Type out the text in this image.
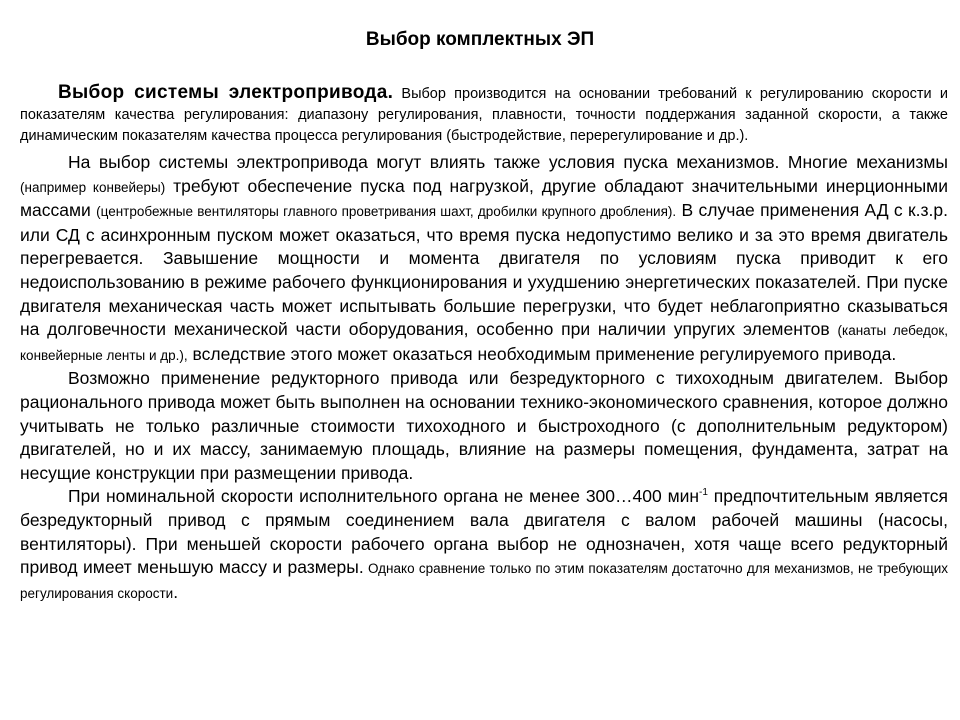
Выбор комплектных ЭП

Выбор системы электропривода. Выбор производится на основании требований к регулированию скорости и показателям качества регулирования: диапазону регулирования, плавности, точности поддержания заданной скорости, а также динамическим показателям качества процесса регулирования (быстродействие, перерегулирование и др.).

На выбор системы электропривода могут влиять также условия пуска механизмов. Многие механизмы (например конвейеры) требуют обеспечение пуска под нагрузкой, другие обладают значительными инерционными массами (центробежные вентиляторы главного проветривания шахт, дробилки крупного дробления). В случае применения АД с к.з.р. или СД с асинхронным пуском может оказаться, что время пуска недопустимо велико и за это время двигатель перегревается. Завышение мощности и момента двигателя по условиям пуска приводит к его недоиспользованию в режиме рабочего функционирования и ухудшению энергетических показателей. При пуске двигателя механическая часть может испытывать большие перегрузки, что будет неблагоприятно сказываться на долговечности механической части оборудования, особенно при наличии упругих элементов (канаты лебедок, конвейерные ленты и др.), вследствие этого может оказаться необходимым применение регулируемого привода.

Возможно применение редукторного привода или безредукторного с тихоходным двигателем. Выбор рационального привода может быть выполнен на основании технико-экономического сравнения, которое должно учитывать не только различные стоимости тихоходного и быстроходного (с дополнительным редуктором) двигателей, но и их массу, занимаемую площадь, влияние на размеры помещения, фундамента, затрат на несущие конструкции при размещении привода.

При номинальной скорости исполнительного органа не менее 300…400 мин$^{-1}$ предпочтительным является безредукторный привод с прямым соединением вала двигателя с валом рабочей машины (насосы, вентиляторы). При меньшей скорости рабочего органа выбор не однозначен, хотя чаще всего редукторный привод имеет меньшую массу и размеры. Однако сравнение только по этим показателям достаточно для механизмов, не требующих регулирования скорости.
